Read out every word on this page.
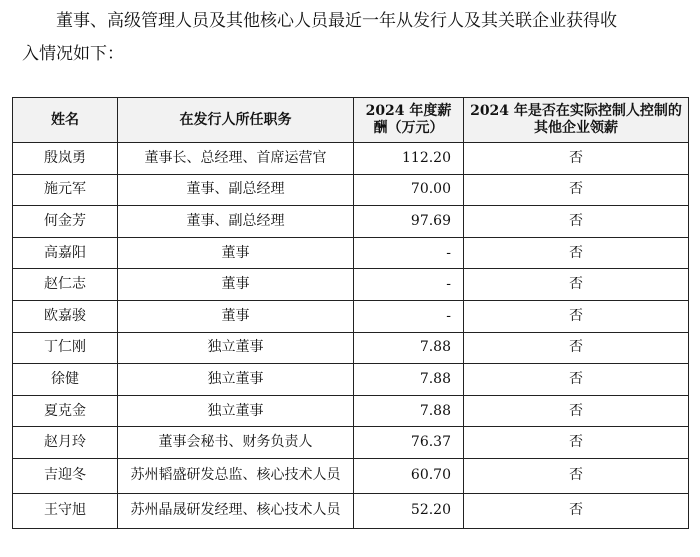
董事、高级管理人员及其他核心人员最近一年从发行人及其关联企业获得收
入情况如下：
姓名	在发行人所任职务	2024 年度薪酬（万元）	2024 年是否在实际控制人控制的其他企业领薪
殷岚勇	董事长、总经理、首席运营官	112.20	否
施元军	董事、副总经理	70.00	否
何金芳	董事、副总经理	97.69	否
高嘉阳	董事	-	否
赵仁志	董事	-	否
欧嘉骏	董事	-	否
丁仁刚	独立董事	7.88	否
徐健	独立董事	7.88	否
夏克金	独立董事	7.88	否
赵月玲	董事会秘书、财务负责人	76.37	否
吉迎冬	苏州韬盛研发总监、核心技术人员	60.70	否
王守旭	苏州晶晟研发经理、核心技术人员	52.20	否
